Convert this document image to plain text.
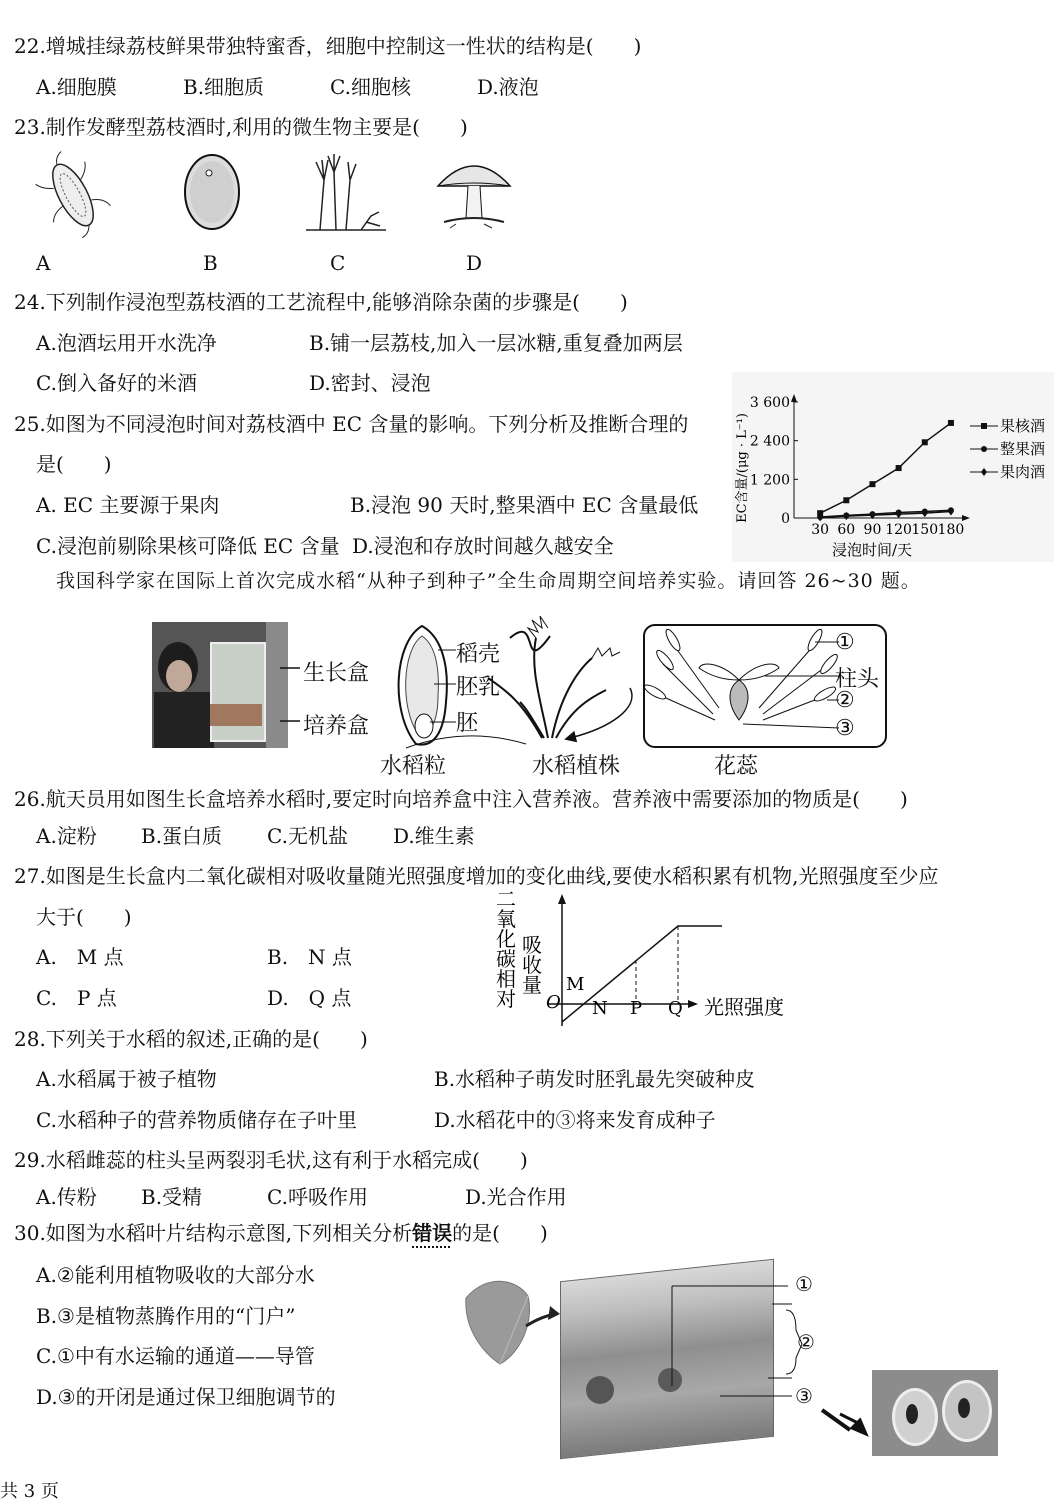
22.增城挂绿荔枝鲜果带独特蜜香，细胞中控制这一性状的结构是(　　)
A.细胞膜	B.细胞质	C.细胞核	D.液泡
23.制作发酵型荔枝酒时,利用的微生物主要是(　　)
A	B	C	D
24.下列制作浸泡型荔枝酒的工艺流程中,能够消除杂菌的步骤是(　　)
A.泡酒坛用开水洗净	B.铺一层荔枝,加入一层冰糖,重复叠加两层
C.倒入备好的米酒	D.密封、浸泡
25.如图为不同浸泡时间对荔枝酒中 EC 含量的影响。下列分析及推断合理的
是(　　)
A. EC 主要源于果肉	B.浸泡 90 天时,整果酒中 EC 含量最低
C.浸泡前剔除果核可降低 EC 含量 D.浸泡和存放时间越久越安全
EC含量/(μg · L⁻¹)
浸泡时间/天
0
1 200
2 400
3 600
30 60 90 120 150 180
果核酒
整果酒
果肉酒
我国科学家在国际上首次完成水稻“从种子到种子”全生命周期空间培养实验。请回答 26~30 题。
生长盒
培养盒
稻壳
胚乳
胚
水稻粒	水稻植株
①
柱头
②
③
花蕊
26.航天员用如图生长盒培养水稻时,要定时向培养盒中注入营养液。营养液中需要添加的物质是(　　)
A.淀粉 B.蛋白质 C.无机盐 D.维生素
27.如图是生长盒内二氧化碳相对吸收量随光照强度增加的变化曲线,要使水稻积累有机物,光照强度至少应
大于(　　)
A.　M 点	B.　N 点
C.　P 点	D.　Q 点	O
M
N P Q 光照强度
二氧化碳相对
吸收量
28.下列关于水稻的叙述,正确的是(　　)
A.水稻属于被子植物	B.水稻种子萌发时胚乳最先突破种皮
C.水稻种子的营养物质储存在子叶里	D.水稻花中的③将来发育成种子
29.水稻雌蕊的柱头呈两裂羽毛状,这有利于水稻完成(　　)
A.传粉 B.受精	C.呼吸作用	D.光合作用
30.如图为水稻叶片结构示意图,下列相关分析错误的是(　　)
A.②能利用植物吸收的大部分水
B.③是植物蒸腾作用的“门户”
C.①中有水运输的通道——导管
D.③的开闭是通过保卫细胞调节的
①
②
③
共 3 页
